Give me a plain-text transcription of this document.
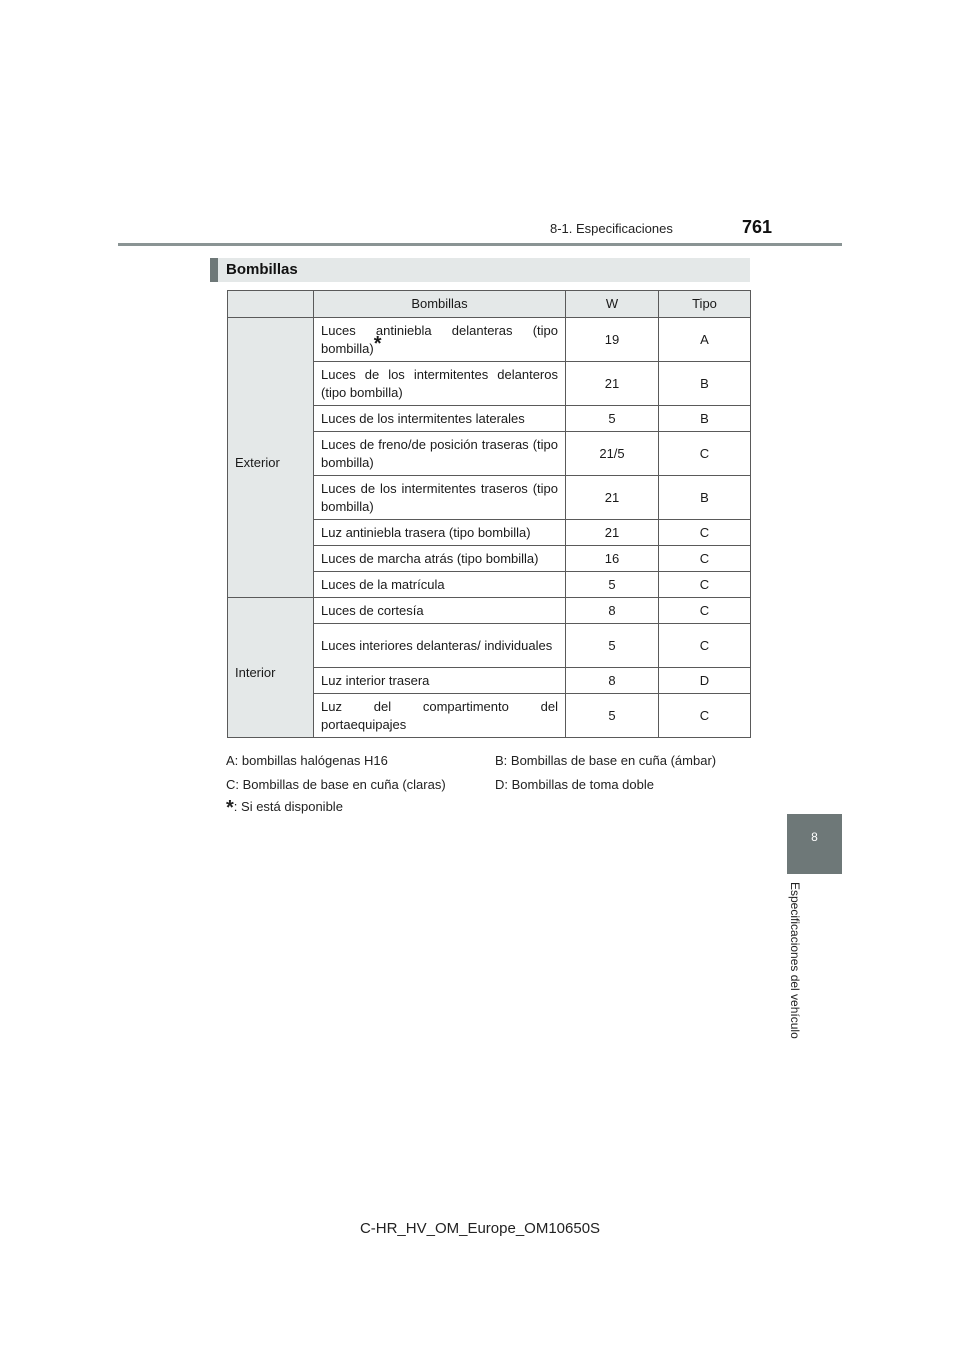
8-1. Especificaciones	761
Bombillas
	Bombillas	W	Tipo
Exterior	Luces antiniebla delanteras (tipo bombilla)*	19	A
	Luces de los intermitentes delanteros (tipo bombilla)	21	B
	Luces de los intermitentes laterales	5	B
	Luces de freno/de posición traseras (tipo bombilla)	21/5	C
	Luces de los intermitentes traseros (tipo bombilla)	21	B
	Luz antiniebla trasera (tipo bombilla)	21	C
	Luces de marcha atrás (tipo bombilla)	16	C
	Luces de la matrícula	5	C
Interior	Luces de cortesía	8	C
	Luces interiores delanteras/ individuales	5	C
	Luz interior trasera	8	D
	Luz del compartimento del portaequipajes	5	C
A: bombillas halógenas H16	B: Bombillas de base en cuña (ámbar)
C: Bombillas de base en cuña (claras)	D: Bombillas de toma doble
*: Si está disponible
8
Especificaciones del vehículo
C-HR_HV_OM_Europe_OM10650S
